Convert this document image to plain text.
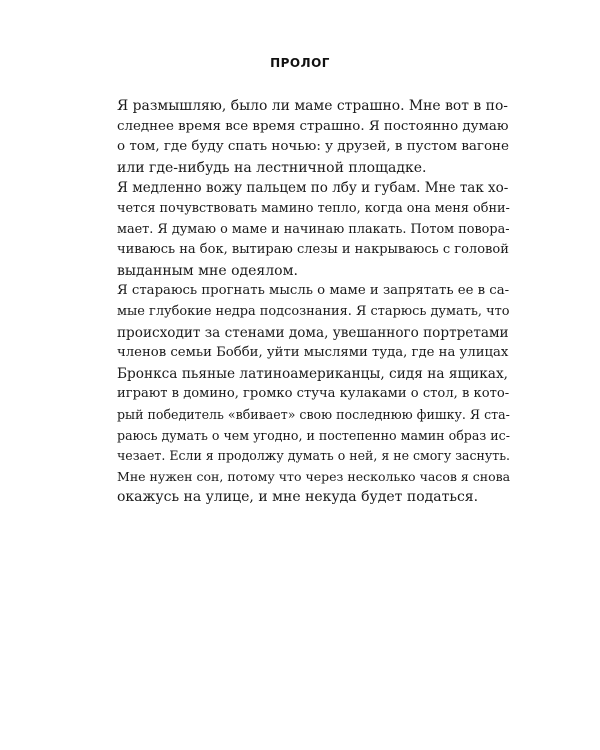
ПРОЛОГ
Я размышляю, было ли маме страшно. Мне вот в по-
следнее время все время страшно. Я постоянно думаю
о том, где буду спать ночью: у друзей, в пустом вагоне
или где-нибудь на лестничной площадке.
Я медленно вожу пальцем по лбу и губам. Мне так хо-
чется почувствовать мамино тепло, когда она меня обни-
мает. Я думаю о маме и начинаю плакать. Потом повора-
чиваюсь на бок, вытираю слезы и накрываюсь с головой
выданным мне одеялом.
Я стараюсь прогнать мысль о маме и запрятать ее в са-
мые глубокие недра подсознания. Я старюсь думать, что
происходит за стенами дома, увешанного портретами
членов семьи Бобби, уйти мыслями туда, где на улицах
Бронкса пьяные латиноамериканцы, сидя на ящиках,
играют в домино, громко стуча кулаками о стол, в кото-
рый победитель «вбивает» свою последнюю фишку. Я ста-
раюсь думать о чем угодно, и постепенно мамин образ ис-
чезает. Если я продолжу думать о ней, я не смогу заснуть.
Мне нужен сон, потому что через несколько часов я снова
окажусь на улице, и мне некуда будет податься.
